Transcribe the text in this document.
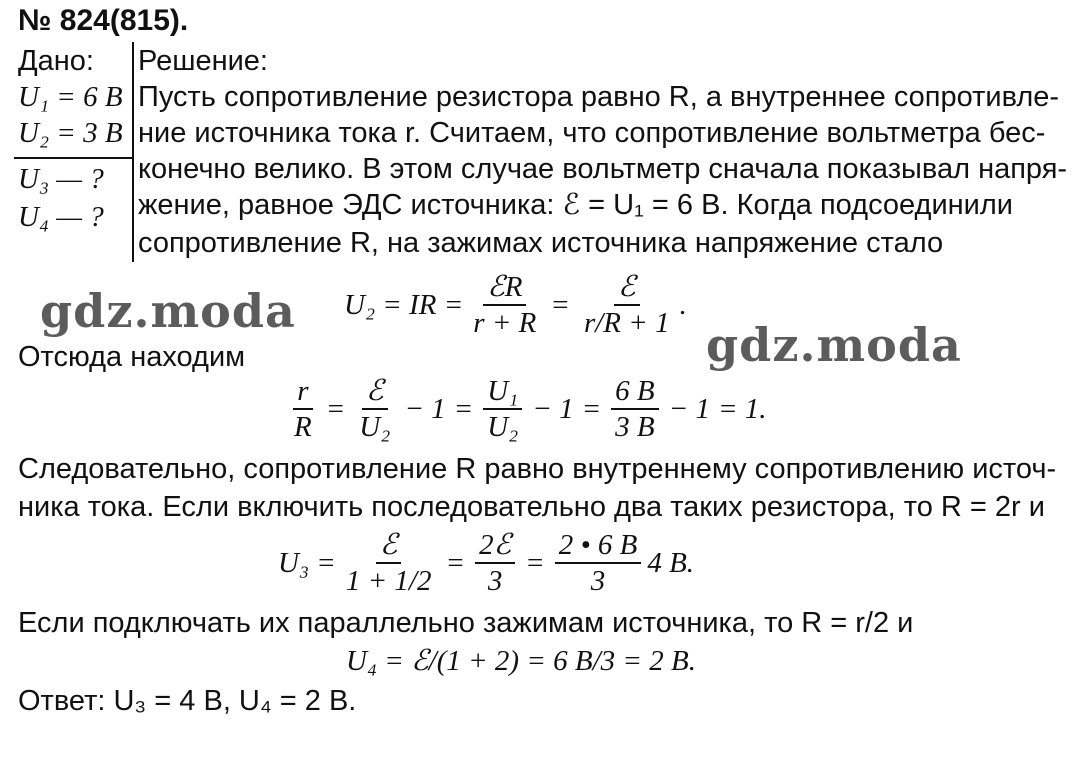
№ 824(815).
Дано:
U₁ = 6 В
U₂ = 3 В
U₃ — ?
U₄ — ?
Решение:
Пусть сопротивление резистора равно R, а внутреннее сопротивле-
ние источника тока r. Считаем, что сопротивление вольтметра бес-
конечно велико. В этом случае вольтметр сначала показывал напря-
жение, равное ЭДС источника: ℰ = U₁ = 6 В. Когда подсоединили
сопротивление R, на зажимах источника напряжение стало
U₂ = IR = $\frac{\text{ℰR}}{r + R} = \frac{\text{ℰ}}{r/R + 1}$ .
Отсюда находим
$\frac{r}{R} = \frac{\text{ℰ}}{\text{U₂}} - 1 = \frac{\text{U₁}}{\text{U₂}} - 1 = \frac{6 В}{3 В} - 1 = 1$.
Следовательно, сопротивление R равно внутреннему сопротивлению источ-
ника тока. Если включить последовательно два таких резистора, то R = 2r и
$U_3 = \frac{\text{ℰ}}{1 + 1/2} = \frac{\text{2ℰ}}{3} = \frac{2 • 6 В}{3} 4$ В.
Если подключать их параллельно зажимам источника, то R = r/2 и
U₄ = ℰ/(1 + 2) = 6 В/3 = 2 В.
Ответ: U₃ = 4 В, U₄ = 2 В.
gdz.moda
gdz.moda
